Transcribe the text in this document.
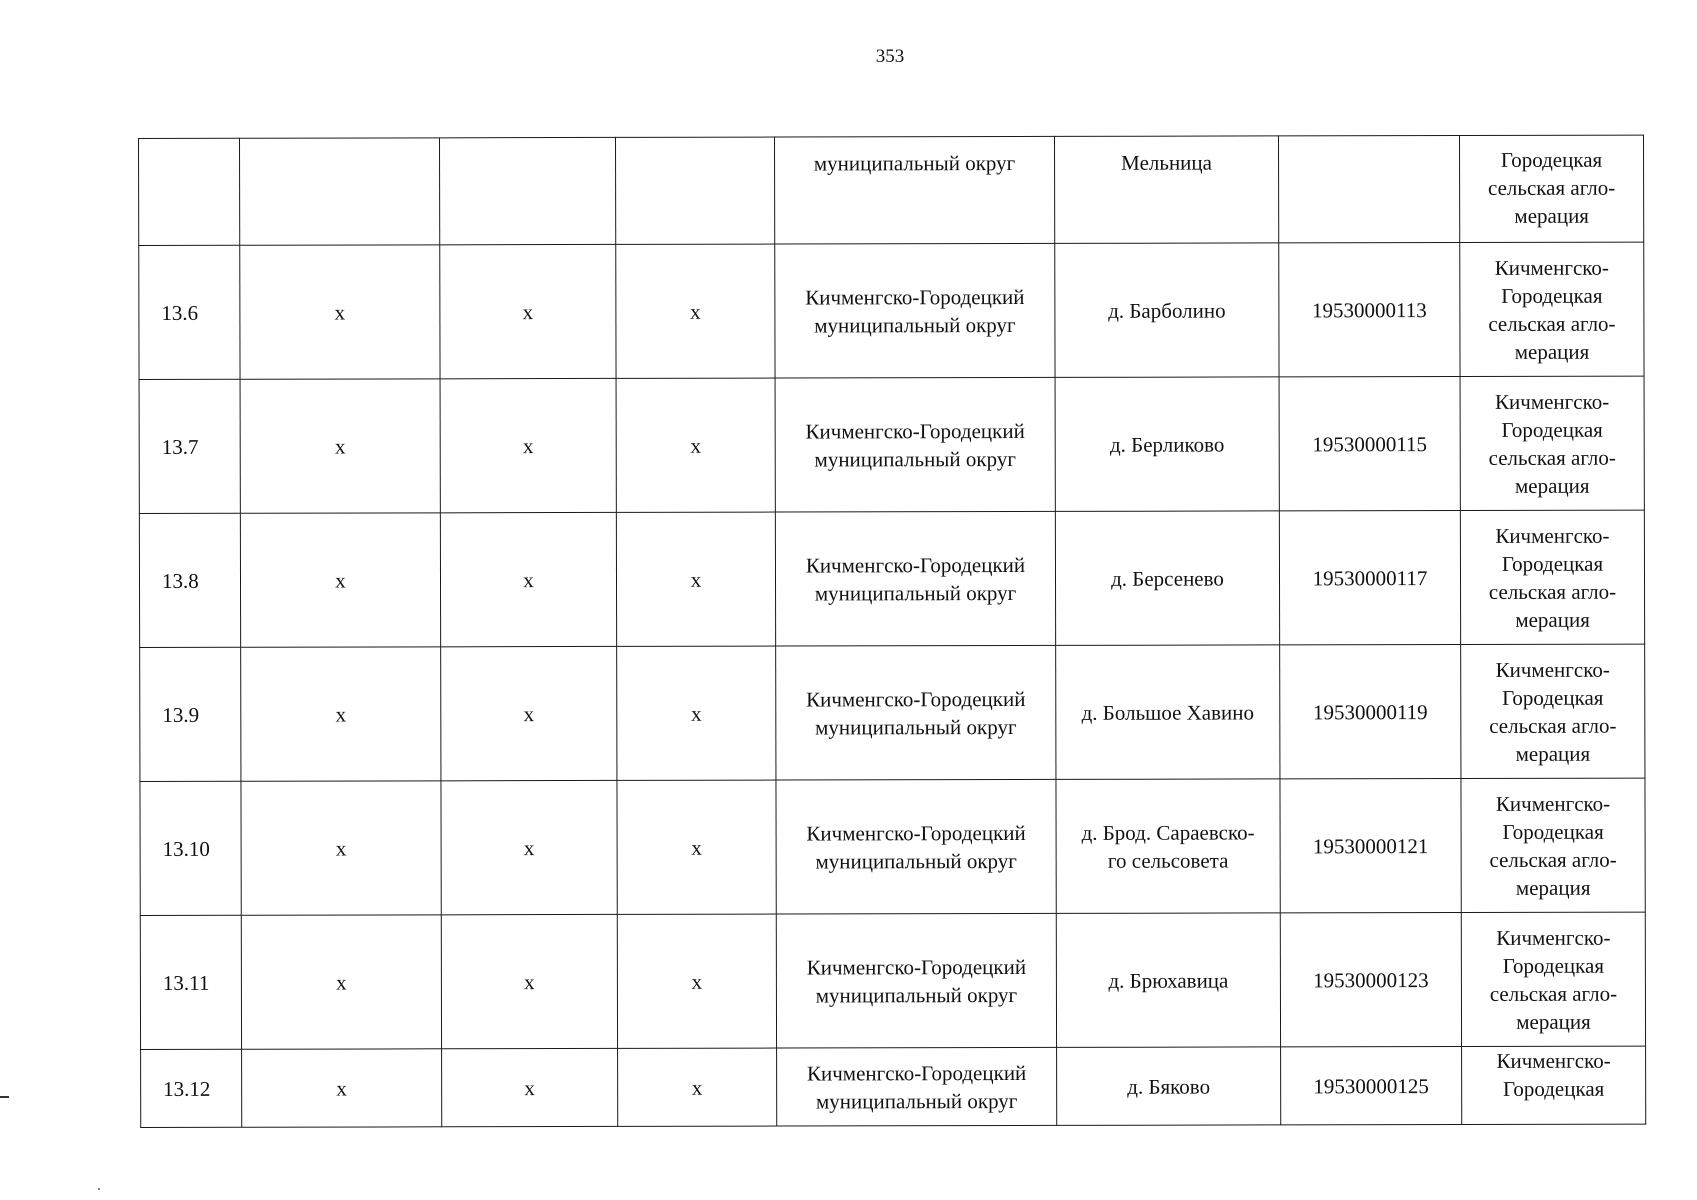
353

				муниципальный округ	Мельница		Городецкая
сельская агло-
мерация

13.6	x	x	x	Кичменгско-Городецкий
муниципальный округ	д. Барболино	19530000113	Кичменгско-
Городецкая
сельская агло-
мерация

13.7	x	x	x	Кичменгско-Городецкий
муниципальный округ	д. Берликово	19530000115	Кичменгско-
Городецкая
сельская агло-
мерация

13.8	x	x	x	Кичменгско-Городецкий
муниципальный округ	д. Берсенево	19530000117	Кичменгско-
Городецкая
сельская агло-
мерация

13.9	x	x	x	Кичменгско-Городецкий
муниципальный округ	д. Большое Хавино	19530000119	Кичменгско-
Городецкая
сельская агло-
мерация

13.10	x	x	x	Кичменгско-Городецкий
муниципальный округ	д. Брод. Сараевско-
го сельсовета	19530000121	Кичменгско-
Городецкая
сельская агло-
мерация

13.11	x	x	x	Кичменгско-Городецкий
муниципальный округ	д. Брюхавица	19530000123	Кичменгско-
Городецкая
сельская агло-
мерация

13.12	x	x	x	Кичменгско-Городецкий
муниципальный округ	д. Бяково	19530000125	Кичменгско-
Городецкая
